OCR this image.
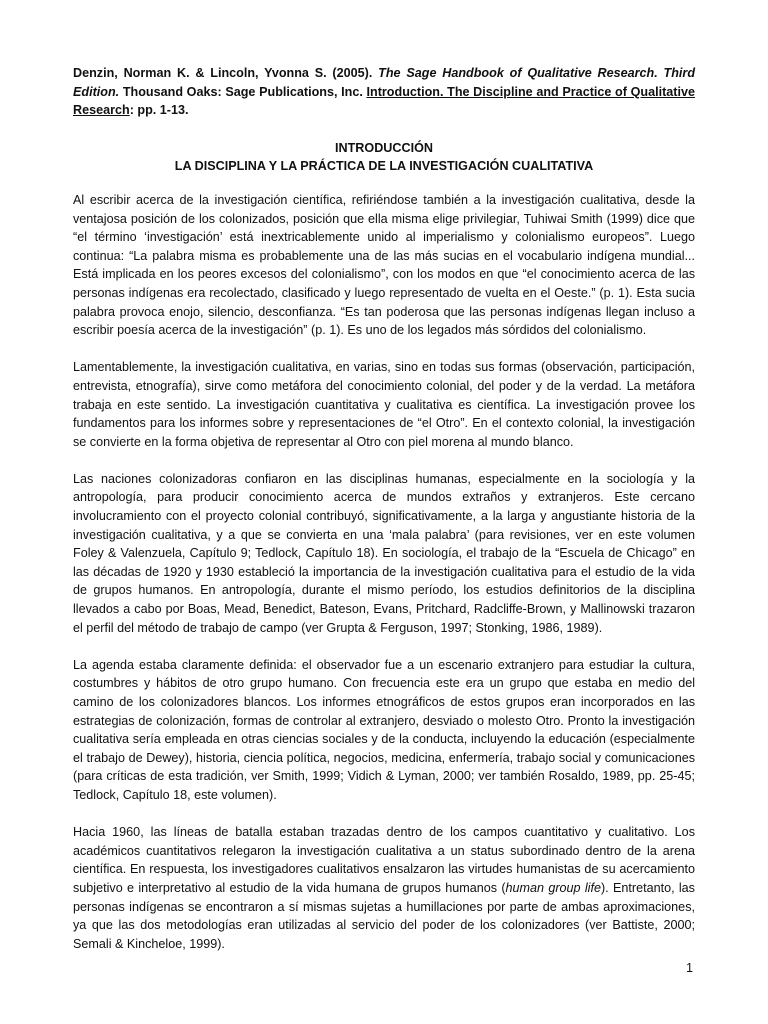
Denzin, Norman K. & Lincoln, Yvonna S. (2005). The Sage Handbook of Qualitative Research. Third Edition. Thousand Oaks: Sage Publications, Inc. Introduction. The Discipline and Practice of Qualitative Research: pp. 1-13.

INTRODUCCIÓN
LA DISCIPLINA Y LA PRÁCTICA DE LA INVESTIGACIÓN CUALITATIVA

Al escribir acerca de la investigación científica, refiriéndose también a la investigación cualitativa, desde la ventajosa posición de los colonizados, posición que ella misma elige privilegiar, Tuhiwai Smith (1999) dice que “el término ‘investigación’ está inextricablemente unido al imperialismo y colonialismo europeos”. Luego continua: “La palabra misma es probablemente una de las más sucias en el vocabulario indígena mundial... Está implicada en los peores excesos del colonialismo”, con los modos en que “el conocimiento acerca de las personas indígenas era recolectado, clasificado y luego representado de vuelta en el Oeste.” (p. 1). Esta sucia palabra provoca enojo, silencio, desconfianza. “Es tan poderosa que las personas indígenas llegan incluso a escribir poesía acerca de la investigación” (p. 1). Es uno de los legados más sórdidos del colonialismo.

Lamentablemente, la investigación cualitativa, en varias, sino en todas sus formas (observación, participación, entrevista, etnografía), sirve como metáfora del conocimiento colonial, del poder y de la verdad. La metáfora trabaja en este sentido. La investigación cuantitativa y cualitativa es científica. La investigación provee los fundamentos para los informes sobre y representaciones de “el Otro”. En el contexto colonial, la investigación se convierte en la forma objetiva de representar al Otro con piel morena al mundo blanco.

Las naciones colonizadoras confiaron en las disciplinas humanas, especialmente en la sociología y la antropología, para producir conocimiento acerca de mundos extraños y extranjeros. Este cercano involucramiento con el proyecto colonial contribuyó, significativamente, a la larga y angustiante historia de la investigación cualitativa, y a que se convierta en una ‘mala palabra’ (para revisiones, ver en este volumen Foley & Valenzuela, Capítulo 9; Tedlock, Capítulo 18). En sociología, el trabajo de la “Escuela de Chicago” en las décadas de 1920 y 1930 estableció la importancia de la investigación cualitativa para el estudio de la vida de grupos humanos. En antropología, durante el mismo período, los estudios definitorios de la disciplina llevados a cabo por Boas, Mead, Benedict, Bateson, Evans, Pritchard, Radcliffe-Brown, y Mallinowski trazaron el perfil del método de trabajo de campo (ver Grupta & Ferguson, 1997; Stonking, 1986, 1989).

La agenda estaba claramente definida: el observador fue a un escenario extranjero para estudiar la cultura, costumbres y hábitos de otro grupo humano. Con frecuencia este era un grupo que estaba en medio del camino de los colonizadores blancos. Los informes etnográficos de estos grupos eran incorporados en las estrategias de colonización, formas de controlar al extranjero, desviado o molesto Otro. Pronto la investigación cualitativa sería empleada en otras ciencias sociales y de la conducta, incluyendo la educación (especialmente el trabajo de Dewey), historia, ciencia política, negocios, medicina, enfermería, trabajo social y comunicaciones (para críticas de esta tradición, ver Smith, 1999; Vidich & Lyman, 2000; ver también Rosaldo, 1989, pp. 25-45; Tedlock, Capítulo 18, este volumen).

Hacia 1960, las líneas de batalla estaban trazadas dentro de los campos cuantitativo y cualitativo. Los académicos cuantitativos relegaron la investigación cualitativa a un status subordinado dentro de la arena científica. En respuesta, los investigadores cualitativos ensalzaron las virtudes humanistas de su acercamiento subjetivo e interpretativo al estudio de la vida humana de grupos humanos (human group life). Entretanto, las personas indígenas se encontraron a sí mismas sujetas a humillaciones por parte de ambas aproximaciones, ya que las dos metodologías eran utilizadas al servicio del poder de los colonizadores (ver Battiste, 2000; Semali & Kincheloe, 1999).

1
